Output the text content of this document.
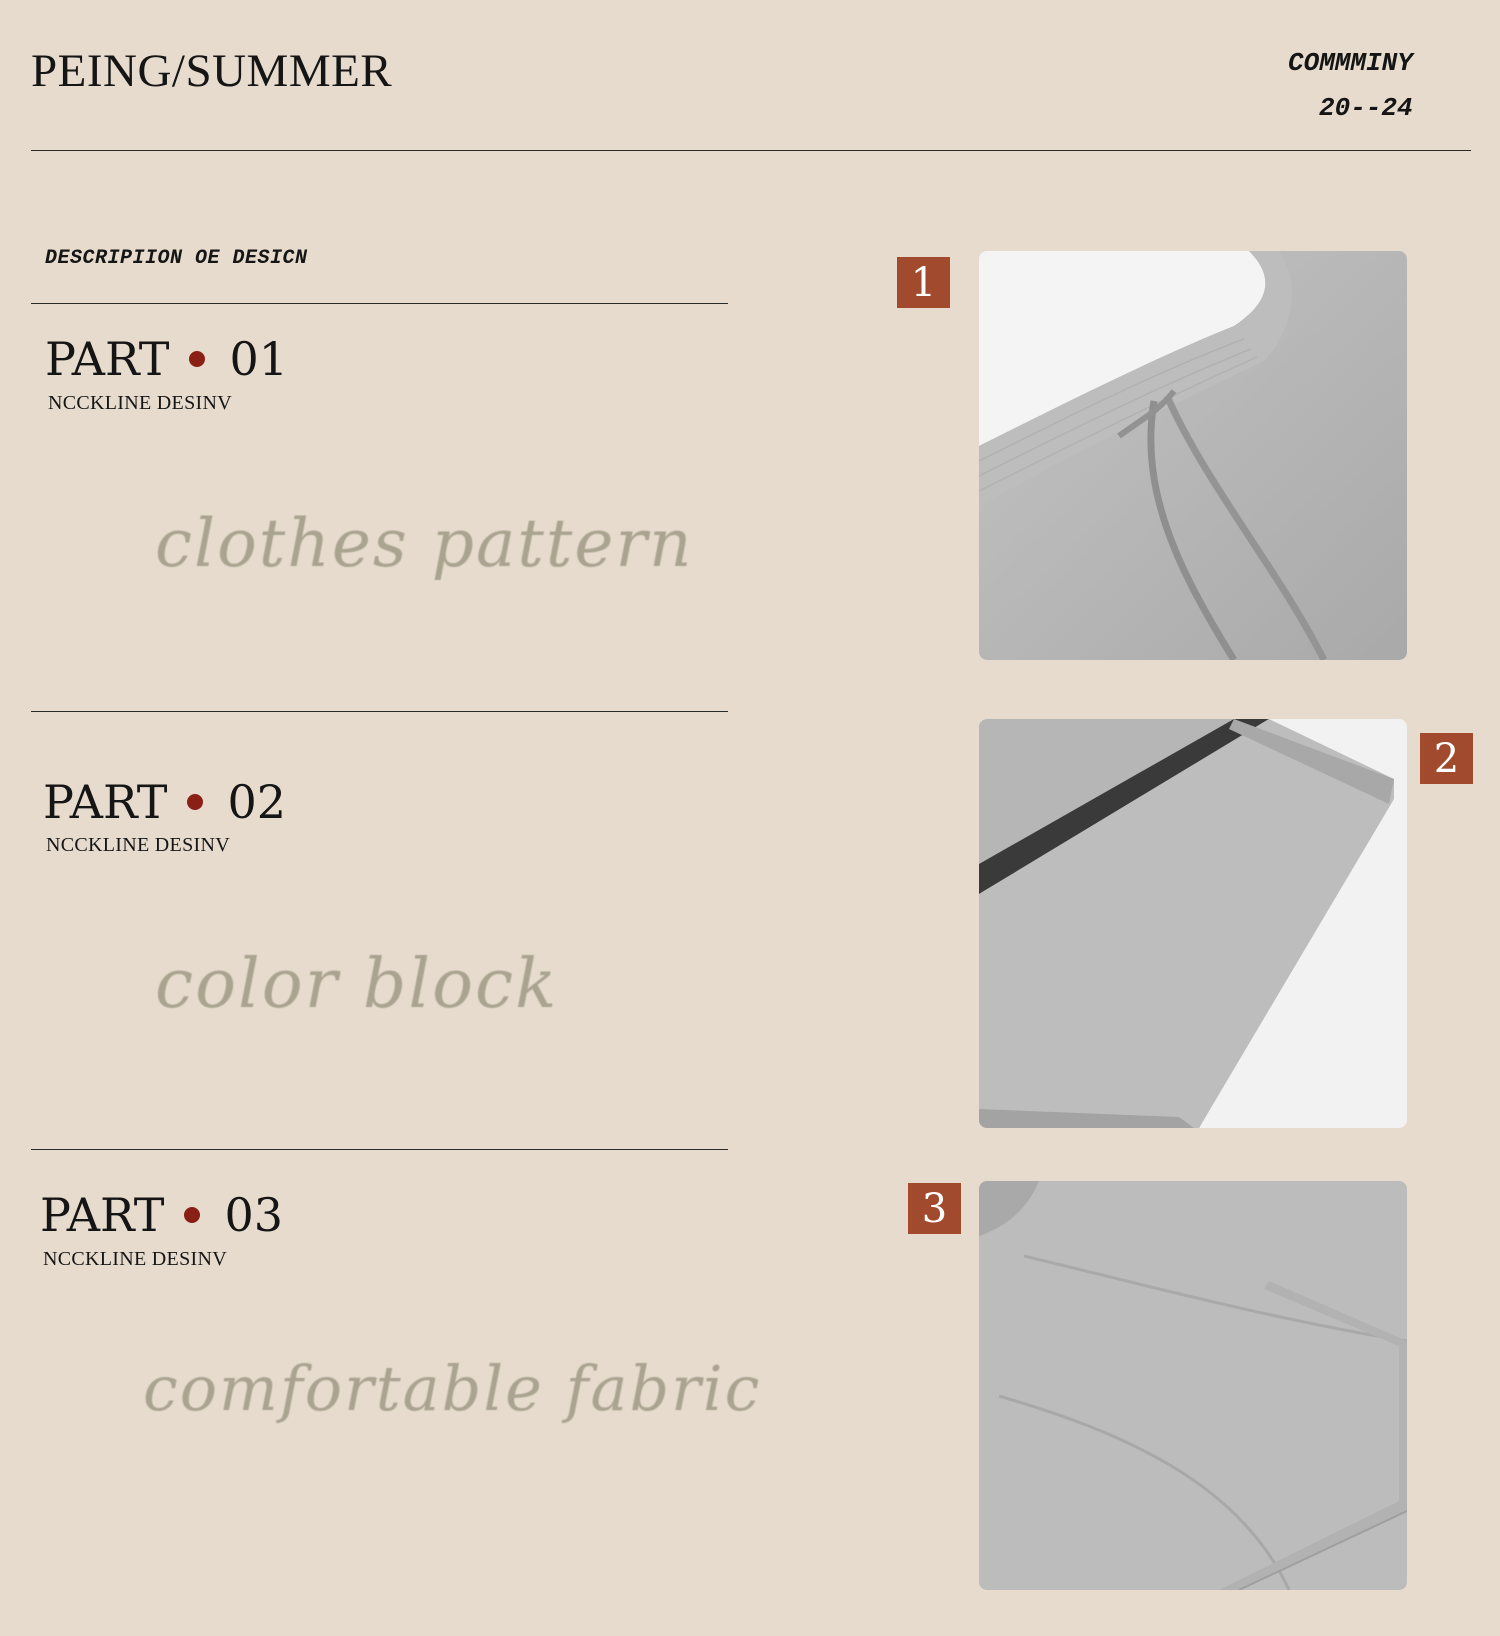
PEING/SUMMER	COMMMINY
20--24
DESCRIPIION OE DESICN
PART 01
NCCKLINE DESINV
clothes pattern
PART 02
NCCKLINE DESINV
color block
PART 03
NCCKLINE DESINV
comfortable fabric
1
2
3
